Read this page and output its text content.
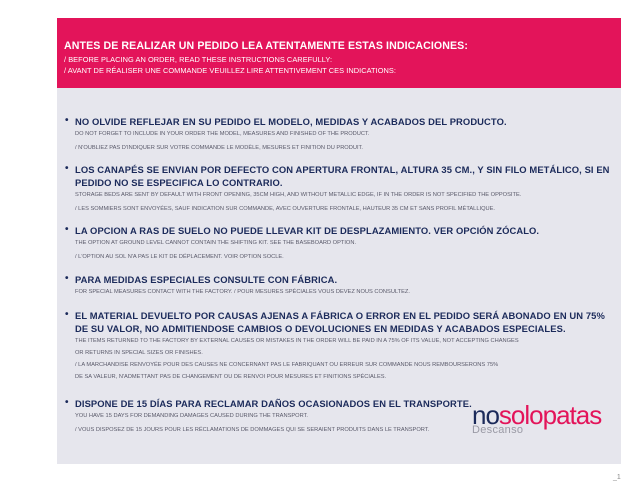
ANTES DE REALIZAR UN PEDIDO LEA ATENTAMENTE ESTAS INDICACIONES:
/ BEFORE PLACING AN ORDER, READ THESE INSTRUCTIONS CAREFULLY:
/ AVANT DE RÉALISER UNE COMMANDE VEUILLEZ LIRE ATTENTIVEMENT CES INDICATIONS:
• NO OLVIDE REFLEJAR EN SU PEDIDO EL MODELO, MEDIDAS Y ACABADOS DEL PRODUCTO.
DO NOT FORGET TO INCLUDE IN YOUR ORDER THE MODEL, MEASURES AND FINISHED OF THE PRODUCT.
/ N'OUBLIEZ PAS D'INDIQUER SUR VOTRE COMMANDE LE MODÈLE, MESURES ET FINITION DU PRODUIT.
• LOS CANAPÉS SE ENVIAN POR DEFECTO CON APERTURA FRONTAL, ALTURA 35 CM., Y SIN FILO METÁLICO, SI EN PEDIDO NO SE ESPECIFICA LO CONTRARIO.
STORAGE BEDS ARE SENT BY DEFAULT WITH FRONT OPENING, 35CM HIGH, AND WITHOUT METALLIC EDGE, IF IN THE ORDER IS NOT SPECIFIED THE OPPOSITE.
/ LES SOMMIERS SONT ENVOYÉES, SAUF INDICATION SUR COMMANDE, AVEC OUVERTURE FRONTALE, HAUTEUR 35 CM ET SANS PROFIL MÉTALLIQUE.
• LA OPCION A RAS DE SUELO NO PUEDE LLEVAR KIT DE DESPLAZAMIENTO. VER OPCIÓN ZÓCALO.
THE OPTION AT GROUND LEVEL CANNOT CONTAIN THE SHIFTING KIT. SEE THE BASEBOARD OPTION.
/ L'OPTION AU SOL N'A PAS LE KIT DE DÉPLACEMENT. VOIR OPTION SOCLE.
• PARA MEDIDAS ESPECIALES CONSULTE CON FÁBRICA.
FOR SPECIAL MEASURES CONTACT WITH THE FACTORY. / POUR MESURES SPÉCIALES VOUS DEVEZ NOUS CONSULTEZ.
• EL MATERIAL DEVUELTO POR CAUSAS AJENAS A FÁBRICA O ERROR EN EL PEDIDO SERÁ ABONADO EN UN 75% DE SU VALOR, NO ADMITIENDOSE CAMBIOS O DEVOLUCIONES EN MEDIDAS Y ACABADOS ESPECIALES.
THE ITEMS RETURNED TO THE FACTORY BY EXTERNAL CAUSES OR MISTAKES IN THE ORDER WILL BE PAID IN A 75% OF ITS VALUE, NOT ACCEPTING CHANGES
OR RETURNS IN SPECIAL SIZES OR FINISHES.
/ LA MARCHANDISE RENVOYÉE POUR DES CAUSES NE CONCERNANT PAS LE FABRIQUANT OU ERREUR SUR COMMANDE NOUS REMBOURSERONS 75%
DE SA VALEUR, N'ADMETTANT PAS DE CHANGEMENT OU DE RENVOI POUR MESURES ET FINITIONS SPÉCIALES.
• DISPONE DE 15 DÍAS PARA RECLAMAR DAÑOS OCASIONADOS EN EL TRANSPORTE.
YOU HAVE 15 DAYS FOR DEMANDING DAMAGES CAUSED DURING THE TRANSPORT.
/ VOUS DISPOSEZ DE 15 JOURS POUR LES RÉCLAMATIONS DE DOMMAGES QUI SE SERAIENT PRODUITS DANS LE TRANSPORT.	nosolopatas
Descanso
_1
